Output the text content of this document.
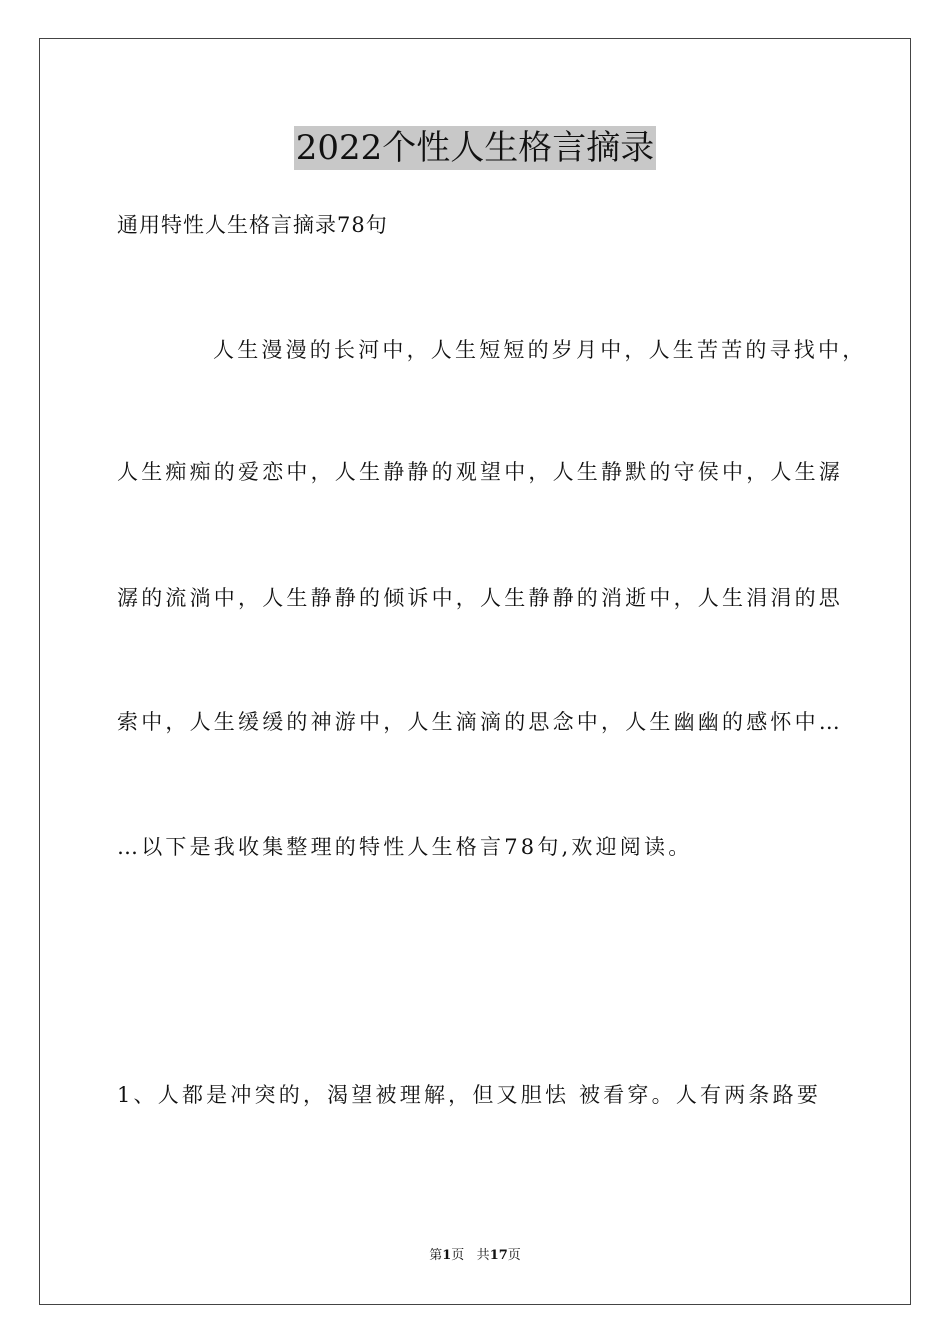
2022个性人生格言摘录
通用特性人生格言摘录78句
人生漫漫的长河中，人生短短的岁月中，人生苦苦的寻找中，
人生痴痴的爱恋中，人生静静的观望中，人生静默的守侯中，人生潺
潺的流淌中，人生静静的倾诉中，人生静静的消逝中，人生涓涓的思
索中，人生缓缓的神游中，人生滴滴的思念中，人生幽幽的感怀中…
…以下是我收集整理的特性人生格言78句,欢迎阅读。
1、人都是冲突的，渴望被理解，但又胆怯 被看穿。人有两条路要
第1页 共17页
